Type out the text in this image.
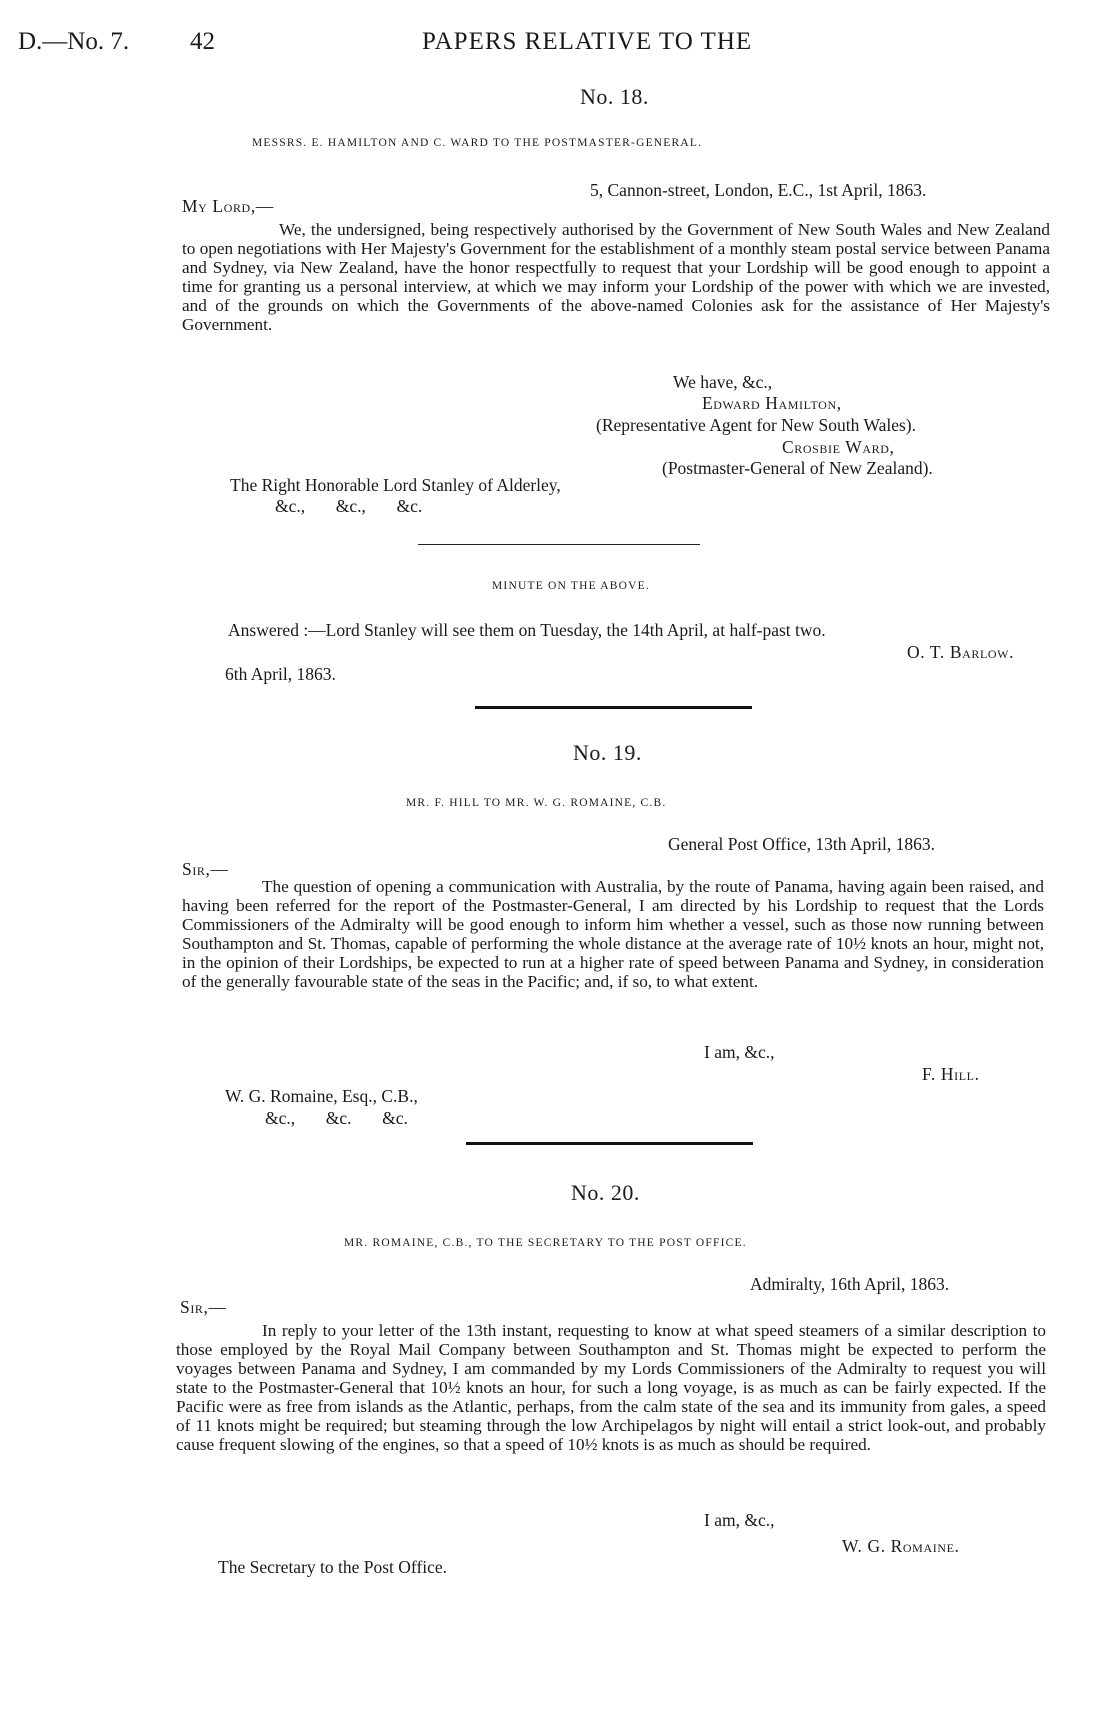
D.—No. 7. 42	PAPERS RELATIVE TO THE
No. 18.
MESSRS. E. HAMILTON AND C. WARD TO THE POSTMASTER-GENERAL.
5, Cannon-street, London, E.C., 1st April, 1863.
My Lord,—
We, the undersigned, being respectively authorised by the Government of New South Wales and New Zealand to open negotiations with Her Majesty's Government for the establishment of a monthly steam postal service between Panama and Sydney, via New Zealand, have the honor respectfully to request that your Lordship will be good enough to appoint a time for granting us a personal interview, at which we may inform your Lordship of the power with which we are invested, and of the grounds on which the Governments of the above-named Colonies ask for the assistance of Her Majesty's Government.
We have, &c.,
Edward Hamilton,
(Representative Agent for New South Wales).
Crosbie Ward,
(Postmaster-General of New Zealand).
The Right Honorable Lord Stanley of Alderley,
&c.,       &c.,       &c.
MINUTE ON THE ABOVE.
Answered :—Lord Stanley will see them on Tuesday, the 14th April, at half-past two.
O. T. Barlow.
6th April, 1863.
No. 19.
MR. F. HILL TO MR. W. G. ROMAINE, C.B.
General Post Office, 13th April, 1863.
Sir,—
The question of opening a communication with Australia, by the route of Panama, having again been raised, and having been referred for the report of the Postmaster-General, I am directed by his Lordship to request that the Lords Commissioners of the Admiralty will be good enough to inform him whether a vessel, such as those now running between Southampton and St. Thomas, capable of performing the whole distance at the average rate of 10½ knots an hour, might not, in the opinion of their Lordships, be expected to run at a higher rate of speed between Panama and Sydney, in consideration of the generally favourable state of the seas in the Pacific; and, if so, to what extent.
I am, &c.,
F. Hill.
W. G. Romaine, Esq., C.B.,
&c.,       &c.       &c.
No. 20.
MR. ROMAINE, C.B., TO THE SECRETARY TO THE POST OFFICE.
Admiralty, 16th April, 1863.
Sir,—
In reply to your letter of the 13th instant, requesting to know at what speed steamers of a similar description to those employed by the Royal Mail Company between Southampton and St. Thomas might be expected to perform the voyages between Panama and Sydney, I am commanded by my Lords Commissioners of the Admiralty to request you will state to the Postmaster-General that 10½ knots an hour, for such a long voyage, is as much as can be fairly expected. If the Pacific were as free from islands as the Atlantic, perhaps, from the calm state of the sea and its immunity from gales, a speed of 11 knots might be required; but steaming through the low Archipelagos by night will entail a strict look-out, and probably cause frequent slowing of the engines, so that a speed of 10½ knots is as much as should be required.
I am, &c.,
W. G. Romaine.
The Secretary to the Post Office.
